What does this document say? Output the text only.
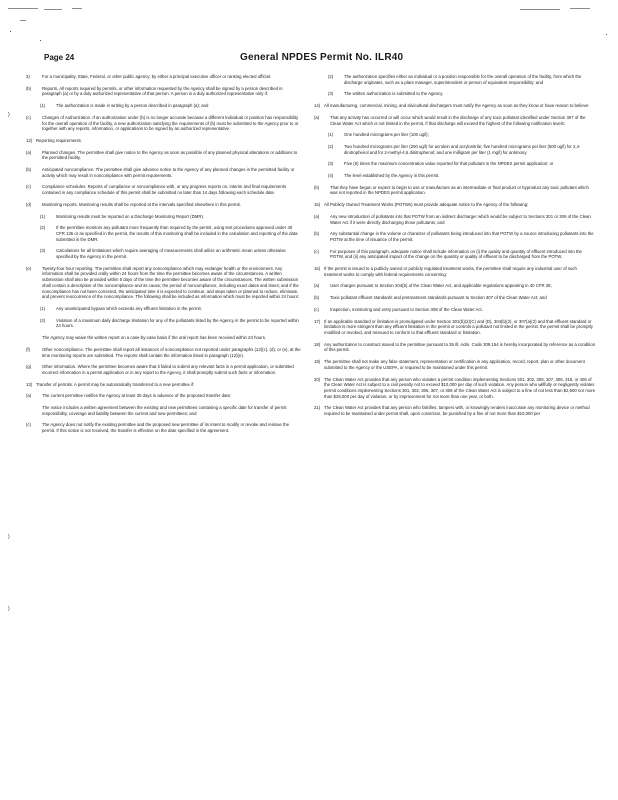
Page 24	General NPDES Permit No. ILR40
)
)
)
3)	For a municipality, State, Federal, or other public agency: by either a principal executive officer or ranking elected official.
(b) Reports. All reports required by permits, or other information requested by the Agency shall be signed by a person described in paragraph (a) or by a duly authorized representative of that person. A person is a duly authorized representative only if:
(1) The authorization is made in writing by a person described in paragraph (a); and
(c)	Changes of Authorization. If an authorization under (b) is no longer accurate because a different individual or position has responsibility for the overall operation of the facility, a new authorization satisfying the requirements of (b) must be submitted to the Agency prior to or together with any reports, information, or applications to be signed by an authorized representative.
12) Reporting requirements.
(a) Planned changes. The permittee shall give notice to the Agency as soon as possible of any planned physical alterations or additions to the permitted facility.
(b) Anticipated noncompliance. The permittee shall give advance notice to the Agency of any planned changes in the permitted facility or activity which may result in noncompliance with permit requirements.
(c)	Compliance schedules. Reports of compliance or noncompliance with, or any progress reports on, interim and final requirements contained in any compliance schedule of this permit shall be submitted no later than 14 days following each schedule date.
(d) Monitoring reports. Monitoring results shall be reported at the intervals specified elsewhere in this permit.
(1) Monitoring results must be reported on a Discharge Monitoring Report (DMR).
(2) If the permittee monitors any pollutant more frequently than required by the permit, using test procedures approved under 40 CFR 136 or as specified in the permit, the results of this monitoring shall be included in the calculation and reporting of the data submitted in the DMR.
(3) Calculations for all limitations which require averaging of measurements shall utilize an arithmetic mean unless otherwise specified by the Agency in the permit.
(e) Twenty-four hour reporting. The permittee shall report any noncompliance which may endanger health or the environment. Any information shall be provided orally within 24 hours from the time the permittee becomes aware of the circumstances. A written submission shall also be provided within 5 days of the time the permittee becomes aware of the circumstances. The written submission shall contain a description of the noncompliance and its cause; the period of noncompliance, including exact dates and times; and if the noncompliance has not been corrected, the anticipated time it is expected to continue; and steps taken or planned to reduce, eliminate, and prevent reoccurrence of the noncompliance. The following shall be included as information which must be reported within 24 hours:
(1) Any unanticipated bypass which exceeds any effluent limitation in the permit.
(2) Violation of a maximum daily discharge limitation for any of the pollutants listed by the Agency in the permit to be reported within 24 hours.
The Agency may waive the written report on a case-by-case basis if the oral report has been received within 24 hours.
(f)	Other noncompliance. The permittee shall report all instances of noncompliance not reported under paragraphs (12)(c), (d), or (e), at the time monitoring reports are submitted. The reports shall contain the information listed in paragraph (12)(e).
(g) Other information. Where the permittee becomes aware that it failed to submit any relevant facts in a permit application, or submitted incorrect information in a permit application or in any report to the Agency, it shall promptly submit such facts or information.
13) Transfer of permits. A permit may be automatically transferred to a new permittee if:
(a) The current permittee notifies the Agency at least 30 days in advance of the proposed transfer date;
The notice includes a written agreement between the existing and new permittees containing a specific date for transfer of permit responsibility, coverage and liability between the current and new permittees; and
(c)	The Agency does not notify the existing permittee and the proposed new permittee of its intent to modify or revoke and reissue the permit. If this notice is not received, the transfer is effective on the date specified in the agreement.
(2) The authorization specifies either an individual or a position responsible for the overall operation of the facility, from which the discharge originates, such as a plant manager, superintendent or person of equivalent responsibility; and
(3) The written authorization is submitted to the Agency.
14) All manufacturing, commercial, mining, and silvicultural dischargers must notify the Agency as soon as they know or have reason to believe:
(a) That any activity has occurred or will occur which would result in the discharge of any toxic pollutant identified under Section 307 of the Clean Water Act which is not limited in the permit, if that discharge will exceed the highest of the following notification levels:
(1) One hundred micrograms per liter (100 ug/l);
(2) Two hundred micrograms per liter (200 ug/l) for acrolein and acrylonitrile; five hundred micrograms per liter (500 ug/l) for 2,4-dinitrophenol and for 2-methyl-4,6 dinitrophenol; and one milligram per liter (1 mg/l) for antimony.
(3) Five (5) times the maximum concentration value reported for that pollutant in the NPDES permit application; or
(4) The level established by the Agency in this permit.
(b) That they have begun or expect to begin to use or manufacture as an intermediate or final product or byproduct any toxic pollutant which was not reported in the NPDES permit application.
15) All Publicly Owned Treatment Works (POTWs) must provide adequate notice to the Agency of the following:
(a) Any new introduction of pollutants into that POTW from an indirect discharger which would be subject to Sections 301 or 306 of the Clean Water Act if it were directly discharging those pollutants; and
(b) Any substantial change in the volume or character of pollutants being introduced into that POTW by a source introducing pollutants into the POTW at the time of issuance of the permit.
(c)	For purposes of this paragraph, adequate notice shall include information on (i) the quality and quantity of effluent introduced into the POTW, and (ii) any anticipated impact of the change on the quantity or quality of effluent to be discharged from the POTW.
16) If the permit is issued to a publicly owned or publicly regulated treatment works, the permittee shall require any industrial user of such treatment works to comply with federal requirements concerning:
(a) User charges pursuant to Section 204(b) of the Clean Water Act, and applicable regulations appearing in 40 CFR 35;
(b) Toxic pollutant effluent standards and pretreatment standards pursuant to Section 307 of the Clean Water Act; and
(c)	Inspection, monitoring and entry pursuant to Section 308 of the Clean Water Act.
17) If an applicable standard or limitation is promulgated under Section 301(b)(2)(C) and (D), 304(b)(2), or 307(a)(2) and that effluent standard or limitation is more stringent than any effluent limitation in the permit or controls a pollutant not limited in the permit, the permit shall be promptly modified or revoked, and reissued to conform to that effluent standard or limitation.
18) Any authorization to construct issued to the permittee pursuant to 35 Ill. Adm. Code 309.154 is hereby incorporated by reference as a condition of this permit.
19) The permittee shall not make any false statement, representation or certification in any application, record, report, plan or other document submitted to the Agency or the USEPA, or required to be maintained under this permit.
20) The Clean Water Act provides that any person who violates a permit condition implementing Sections 301, 302, 306, 307, 308, 318, or 405 of the Clean Water Act is subject to a civil penalty not to exceed $10,000 per day of such violation. Any person who willfully or negligently violates permit conditions implementing Sections 301, 302, 306, 307, or 308 of the Clean Water Act is subject to a fine of not less than $2,500 nor more than $25,000 per day of violation, or by imprisonment for not more than one year, or both.
21) The Clean Water Act provides that any person who falsifies, tampers with, or knowingly renders inaccurate any monitoring device or method required to be maintained under permit shall, upon conviction, be punished by a fine of not more than $10,000 per
